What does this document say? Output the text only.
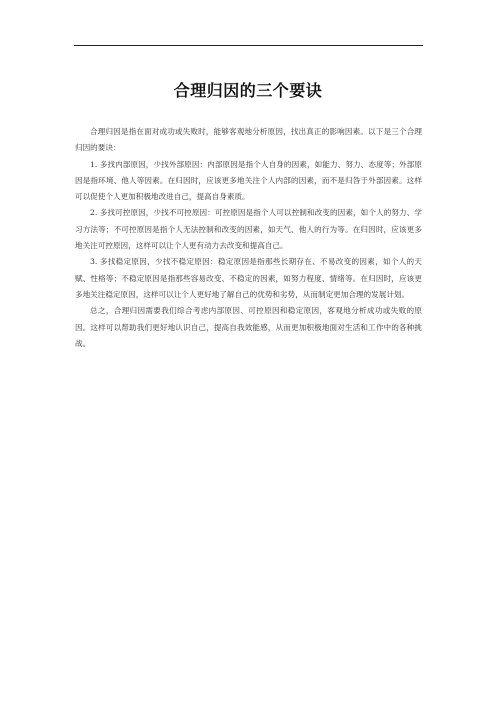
合理归因的三个要诀

合理归因是指在面对成功或失败时，能够客观地分析原因，找出真正的影响因素。以下是三个合理归因的要诀：

1. 多找内部原因，少找外部原因：内部原因是指个人自身的因素，如能力、努力、态度等；外部原因是指环境、他人等因素。在归因时，应该更多地关注个人内部的因素，而不是归咎于外部因素。这样可以促使个人更加积极地改进自己，提高自身素质。

2. 多找可控原因，少找不可控原因：可控原因是指个人可以控制和改变的因素，如个人的努力、学习方法等；不可控原因是指个人无法控制和改变的因素，如天气、他人的行为等。在归因时，应该更多地关注可控原因，这样可以让个人更有动力去改变和提高自己。

3. 多找稳定原因，少找不稳定原因：稳定原因是指那些长期存在、不易改变的因素，如个人的天赋、性格等；不稳定原因是指那些容易改变、不稳定的因素，如努力程度、情绪等。在归因时，应该更多地关注稳定原因，这样可以让个人更好地了解自己的优势和劣势，从而制定更加合理的发展计划。

总之，合理归因需要我们综合考虑内部原因、可控原因和稳定原因，客观地分析成功或失败的原因。这样可以帮助我们更好地认识自己，提高自我效能感，从而更加积极地面对生活和工作中的各种挑战。
